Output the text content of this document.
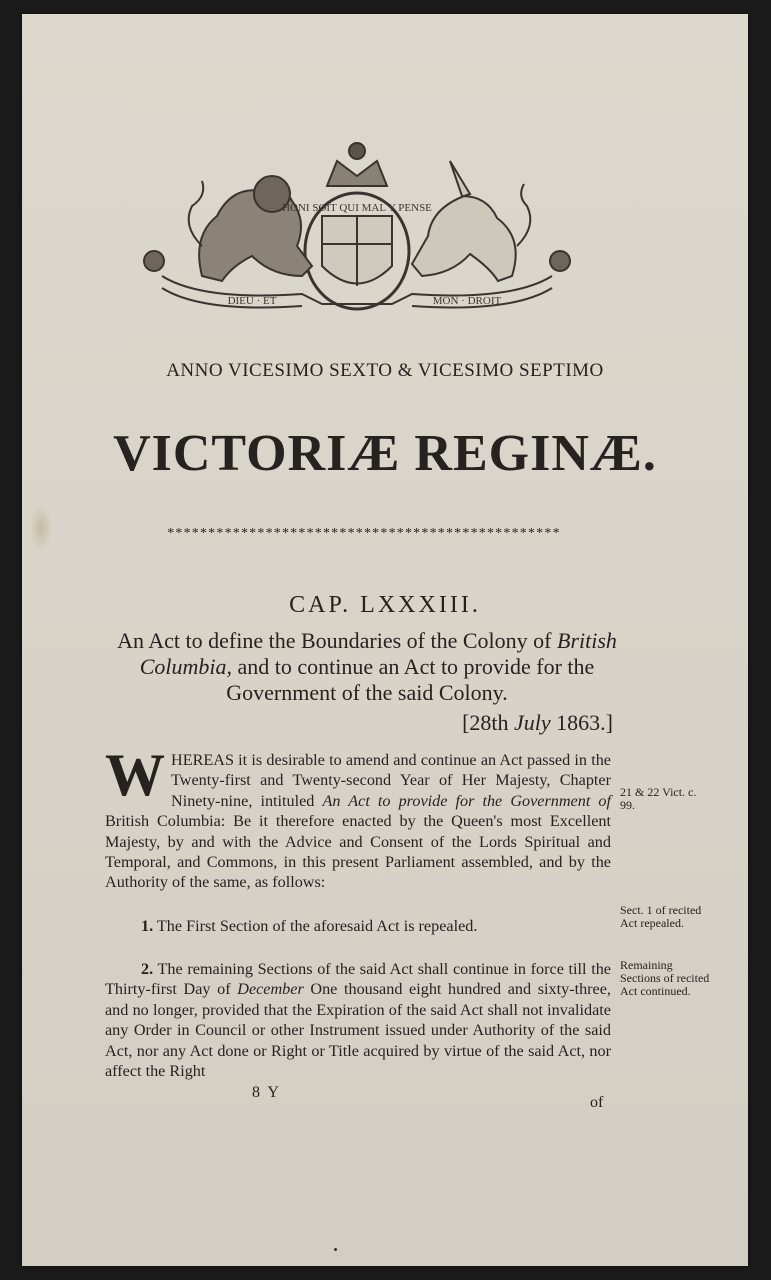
HONI SOIT QUI MAL Y PENSE
DIEU · ET	MON · DROIT
ANNO VICESIMO SEXTO & VICESIMO SEPTIMO
VICTORIÆ REGINÆ.
************************************************
CAP. LXXXIII.
An Act to define the Boundaries of the Colony of British Columbia, and to continue an Act to provide for the Government of the said Colony.
[28th July 1863.]
WHEREAS it is desirable to amend and continue an Act passed in the Twenty-first and Twenty-second Year of Her Majesty, Chapter Ninety-nine, intituled An Act to provide for the Government of British Columbia: Be it therefore enacted by the Queen's most Excellent Majesty, by and with the Advice and Consent of the Lords Spiritual and Temporal, and Commons, in this present Parliament assembled, and by the Authority of the same, as follows:
1. The First Section of the aforesaid Act is repealed.
2. The remaining Sections of the said Act shall continue in force till the Thirty-first Day of December One thousand eight hundred and sixty-three, and no longer, provided that the Expiration of the said Act shall not invalidate any Order in Council or other Instrument issued under Authority of the said Act, nor any Act done or Right or Title acquired by virtue of the said Act, nor affect the Right
21 & 22 Vict. c. 99.
Sect. 1 of recited Act repealed.
Remaining Sections of recited Act continued.
8 Y
of
